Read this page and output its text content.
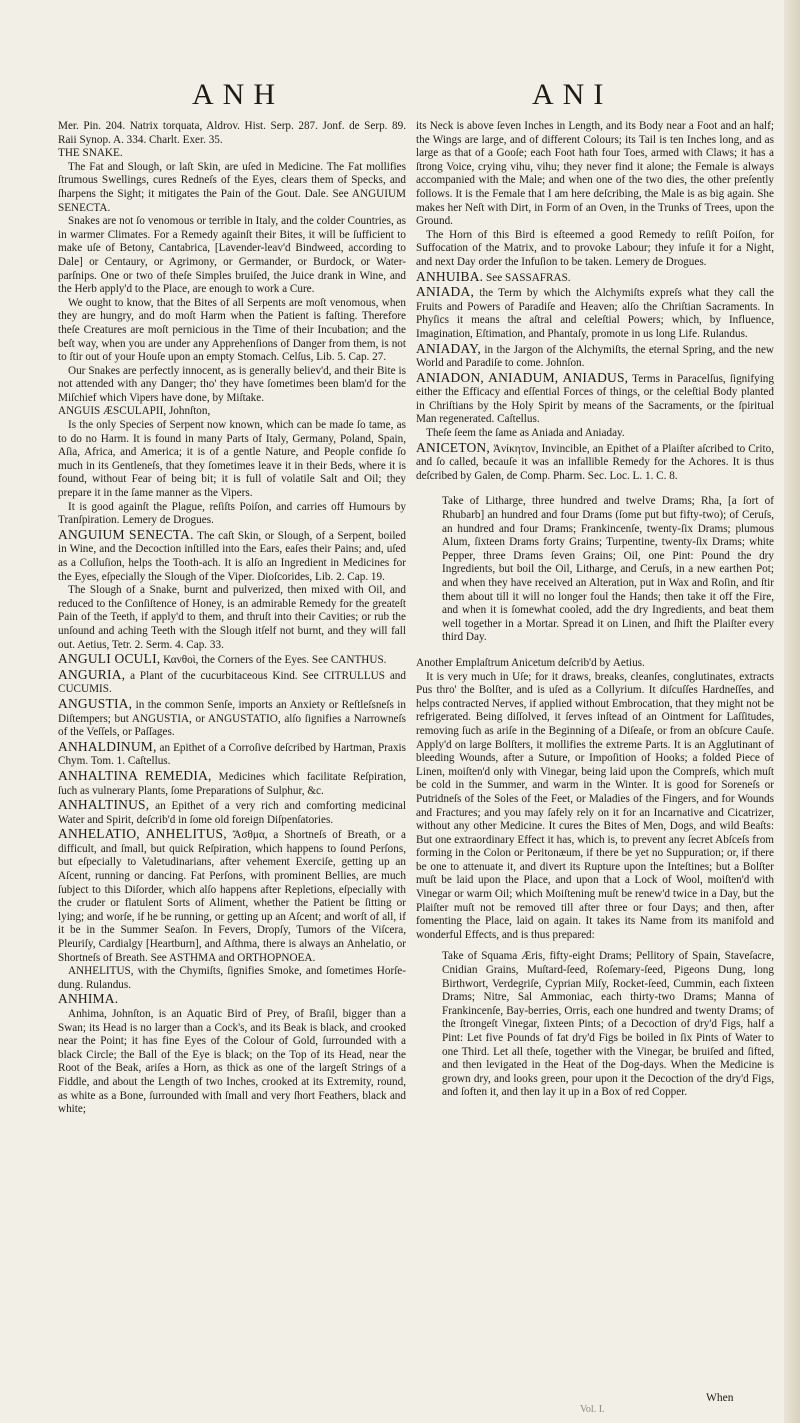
ANH	ANI

Mer. Pin. 204. Natrix torquata, Aldrov. Hist. Serp. 287. Jonf. de Serp. 89. Raii Synop. A. 334. Charlt. Exer. 35.

THE SNAKE.

The Fat and Slough, or laſt Skin, are uſed in Medicine. The Fat mollifies ſtrumous Swellings, cures Redneſs of the Eyes, clears them of Specks, and ſharpens the Sight; it mitigates the Pain of the Gout. Dale. See ANGUIUM SENECTA.

Snakes are not ſo venomous or terrible in Italy, and the colder Countries, as in warmer Climates. For a Remedy againſt their Bites, it will be ſufficient to make uſe of Betony, Cantabrica, [Lavender-leav'd Bindweed, according to Dale] or Centaury, or Agrimony, or Germander, or Burdock, or Water-parſnips. One or two of theſe Simples bruiſed, the Juice drank in Wine, and the Herb apply'd to the Place, are enough to work a Cure.

We ought to know, that the Bites of all Serpents are moſt venomous, when they are hungry, and do moſt Harm when the Patient is faſting. Therefore theſe Creatures are moſt pernicious in the Time of their Incubation; and the beſt way, when you are under any Apprehenſions of Danger from them, is not to ſtir out of your Houſe upon an empty Stomach. Celſus, Lib. 5. Cap. 27.

Our Snakes are perfectly innocent, as is generally believ'd, and their Bite is not attended with any Danger; tho' they have ſometimes been blam'd for the Miſchief which Vipers have done, by Miſtake.

ANGUIS ÆSCULAPII, Johnſton,

Is the only Species of Serpent now known, which can be made ſo tame, as to do no Harm. It is found in many Parts of Italy, Germany, Poland, Spain, Aſia, Africa, and America; it is of a gentle Nature, and People confide ſo much in its Gentleneſs, that they ſometimes leave it in their Beds, where it is found, without Fear of being bit; it is full of volatile Salt and Oil; they prepare it in the ſame manner as the Vipers.

It is good againſt the Plague, reſiſts Poiſon, and carries off Humours by Tranſpiration. Lemery de Drogues.

ANGUIUM SENECTA. The caſt Skin, or Slough, of a Serpent, boiled in Wine, and the Decoction inſtilled into the Ears, eaſes their Pains; and, uſed as a Colluſion, helps the Tooth-ach. It is alſo an Ingredient in Medicines for the Eyes, eſpecially the Slough of the Viper. Dioſcorides, Lib. 2. Cap. 19.

The Slough of a Snake, burnt and pulverized, then mixed with Oil, and reduced to the Conſiſtence of Honey, is an admirable Remedy for the greateſt Pain of the Teeth, if apply'd to them, and thruſt into their Cavities; or rub the unſound and aching Teeth with the Slough itſelf not burnt, and they will fall out. Aetius, Tetr. 2. Serm. 4. Cap. 33.

ANGULI OCULI, Κανθοὶ, the Corners of the Eyes. See CANTHUS.

ANGURIA, a Plant of the cucurbitaceous Kind. See CITRULLUS and CUCUMIS.

ANGUSTIA, in the common Senſe, imports an Anxiety or Reſtleſsneſs in Diſtempers; but ANGUSTIA, or ANGUSTATIO, alſo ſignifies a Narrowneſs of the Veſſels, or Paſſages.

ANHALDINUM, an Epithet of a Corroſive deſcribed by Hartman, Praxis Chym. Tom. 1. Caſtellus.

ANHALTINA REMEDIA, Medicines which facilitate Reſpiration, ſuch as vulnerary Plants, ſome Preparations of Sulphur, &c.

ANHALTINUS, an Epithet of a very rich and comforting medicinal Water and Spirit, deſcrib'd in ſome old foreign Diſpenſatories.

ANHELATIO, ANHELITUS, Ἄσθμα, a Shortneſs of Breath, or a difficult, and ſmall, but quick Reſpiration, which happens to ſound Perſons, but eſpecially to Valetudinarians, after vehement Exerciſe, getting up an Aſcent, running or dancing. Fat Perſons, with prominent Bellies, are much ſubject to this Diſorder, which alſo happens after Repletions, eſpecially with the cruder or flatulent Sorts of Aliment, whether the Patient be ſitting or lying; and worſe, if he be running, or getting up an Aſcent; and worſt of all, if it be in the Summer Seaſon. In Fevers, Dropſy, Tumors of the Viſcera, Pleuriſy, Cardialgy [Heartburn], and Aſthma, there is always an Anhelatio, or Shortneſs of Breath. See ASTHMA and ORTHOPNOEA.

ANHELITUS, with the Chymiſts, ſignifies Smoke, and ſometimes Horſe-dung. Rulandus.

ANHIMA.

Anhima, Johnſton, is an Aquatic Bird of Prey, of Braſil, bigger than a Swan; its Head is no larger than a Cock's, and its Beak is black, and crooked near the Point; it has fine Eyes of the Colour of Gold, ſurrounded with a black Circle; the Ball of the Eye is black; on the Top of its Head, near the Root of the Beak, ariſes a Horn, as thick as one of the largeſt Strings of a Fiddle, and about the Length of two Inches, crooked at its Extremity, round, as white as a Bone, ſurrounded with ſmall and very ſhort Feathers, black and white;

its Neck is above ſeven Inches in Length, and its Body near a Foot and an half; the Wings are large, and of different Colours; its Tail is ten Inches long, and as large as that of a Gooſe; each Foot hath four Toes, armed with Claws; it has a ſtrong Voice, crying vihu, vihu; they never find it alone; the Female is always accompanied with the Male; and when one of the two dies, the other preſently follows. It is the Female that I am here deſcribing, the Male is as big again. She makes her Neſt with Dirt, in Form of an Oven, in the Trunks of Trees, upon the Ground.

The Horn of this Bird is eſteemed a good Remedy to reſiſt Poiſon, for Suffocation of the Matrix, and to provoke Labour; they infuſe it for a Night, and next Day order the Infuſion to be taken. Lemery de Drogues.

ANHUIBA. See SASSAFRAS.

ANIADA, the Term by which the Alchymiſts expreſs what they call the Fruits and Powers of Paradiſe and Heaven; alſo the Chriſtian Sacraments. In Phyſics it means the aſtral and celeſtial Powers; which, by Influence, Imagination, Eſtimation, and Phantaſy, promote in us long Life. Rulandus.

ANIADAY, in the Jargon of the Alchymiſts, the eternal Spring, and the new World and Paradiſe to come. Johnſon.

ANIADON, ANIADUM, ANIADUS, Terms in Paracelſus, ſignifying either the Efficacy and eſſential Forces of things, or the celeſtial Body planted in Chriſtians by the Holy Spirit by means of the Sacraments, or the ſpiritual Man regenerated. Caſtellus.

Theſe ſeem the ſame as Aniada and Aniaday.

ANICETON, Ἀνίκητον, Invincible, an Epithet of a Plaiſter aſcribed to Crito, and ſo called, becauſe it was an infallible Remedy for the Achores. It is thus deſcribed by Galen, de Comp. Pharm. Sec. Loc. L. 1. C. 8.

Take of Litharge, three hundred and twelve Drams; Rha, [a ſort of Rhubarb] an hundred and four Drams (ſome put but fifty-two); of Ceruſs, an hundred and four Drams; Frankincenſe, twenty-ſix Drams; plumous Alum, ſixteen Drams forty Grains; Turpentine, twenty-ſix Drams; white Pepper, three Drams ſeven Grains; Oil, one Pint: Pound the dry Ingredients, but boil the Oil, Litharge, and Ceruſs, in a new earthen Pot; and when they have received an Alteration, put in Wax and Roſin, and ſtir them about till it will no longer foul the Hands; then take it off the Fire, and when it is ſomewhat cooled, add the dry Ingredients, and beat them well together in a Mortar. Spread it on Linen, and ſhift the Plaiſter every third Day.

Another Emplaſtrum Anicetum deſcrib'd by Aetius.

It is very much in Uſe; for it draws, breaks, cleanſes, conglutinates, extracts Pus thro' the Bolſter, and is uſed as a Collyrium. It diſcuſſes Hardneſſes, and helps contracted Nerves, if applied without Embrocation, that they might not be refrigerated. Being diſſolved, it ſerves inſtead of an Ointment for Laſſitudes, removing ſuch as ariſe in the Beginning of a Diſeaſe, or from an obſcure Cauſe. Apply'd on large Bolſters, it mollifies the extreme Parts. It is an Agglutinant of bleeding Wounds, after a Suture, or Impoſition of Hooks; a folded Piece of Linen, moiſten'd only with Vinegar, being laid upon the Compreſs, which muſt be cold in the Summer, and warm in the Winter. It is good for Soreneſs or Putridneſs of the Soles of the Feet, or Maladies of the Fingers, and for Wounds and Fractures; and you may ſafely rely on it for an Incarnative and Cicatrizer, without any other Medicine. It cures the Bites of Men, Dogs, and wild Beaſts: But one extraordinary Effect it has, which is, to prevent any ſecret Abſceſs from forming in the Colon or Peritonæum, if there be yet no Suppuration; or, if there be one to attenuate it, and divert its Rupture upon the Inteſtines; but a Bolſter muſt be laid upon the Place, and upon that a Lock of Wool, moiſten'd with Vinegar or warm Oil; which Moiſtening muſt be renew'd twice in a Day, but the Plaiſter muſt not be removed till after three or four Days; and then, after fomenting the Place, laid on again. It takes its Name from its manifold and wonderful Effects, and is thus prepared:

Take of Squama Æris, fifty-eight Drams; Pellitory of Spain, Staveſacre, Cnidian Grains, Muſtard-ſeed, Roſemary-ſeed, Pigeons Dung, long Birthwort, Verdegriſe, Cyprian Miſy, Rocket-ſeed, Cummin, each ſixteen Drams; Nitre, Sal Ammoniac, each thirty-two Drams; Manna of Frankincenſe, Bay-berries, Orris, each one hundred and twenty Drams; of the ſtrongeſt Vinegar, ſixteen Pints; of a Decoction of dry'd Figs, half a Pint: Let five Pounds of fat dry'd Figs be boiled in ſix Pints of Water to one Third. Let all theſe, together with the Vinegar, be bruiſed and ſifted, and then levigated in the Heat of the Dog-days. When the Medicine is grown dry, and looks green, pour upon it the Decoction of the dry'd Figs, and ſoften it, and then lay it up in a Box of red Copper.

When
Vol. I.
